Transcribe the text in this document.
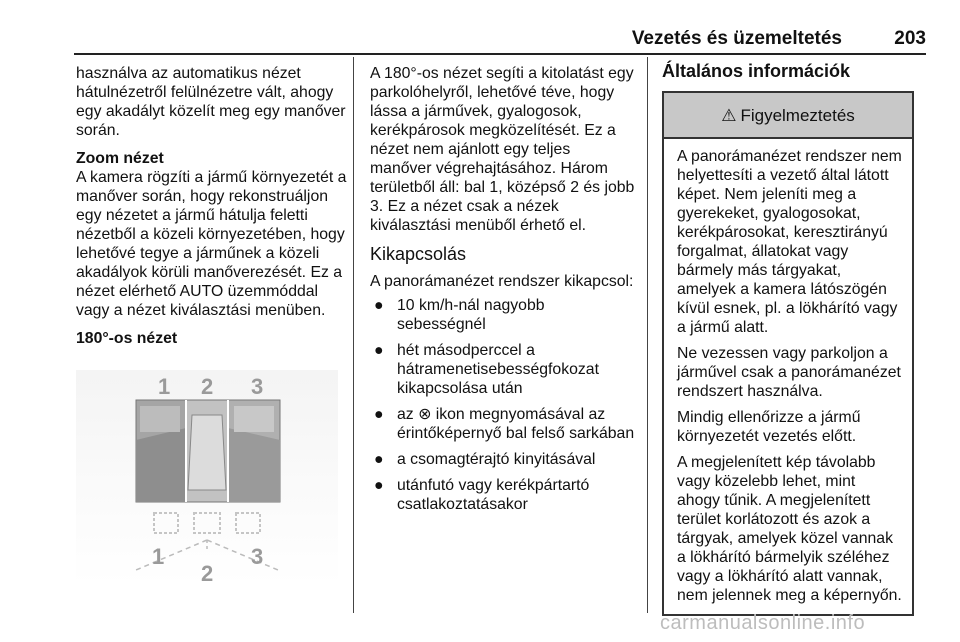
Vezetés és üzemeltetés	203

használva az automatikus nézet hátulnézetről felülnézetre vált, ahogy egy akadályt közelít meg egy manőver során.

Zoom nézet

A kamera rögzíti a jármű környezetét a manőver során, hogy rekonstruáljon egy nézetet a jármű hátulja feletti nézetből a közeli környezetében, hogy lehetővé tegye a járműnek a közeli akadályok körüli manőverezését. Ez a nézet elérhető AUTO üzemmóddal vagy a nézet kiválasztási menüben.

180°-os nézet
1 2 3
1
2
3

A 180°-os nézet segíti a kitolatást egy parkolóhelyről, lehetővé téve, hogy lássa a járművek, gyalogosok, kerékpárosok megközelítését. Ez a nézet nem ajánlott egy teljes manőver végrehajtásához. Három területből áll: bal 1, középső 2 és jobb 3. Ez a nézet csak a nézek kiválasztási menüből érhető el.

Kikapcsolás

A panorámanézet rendszer kikapcsol:

● 10 km/h-nál nagyobb sebességnél
● hét másodperccel a hátramenetisebességfokozat kikapcsolása után
● az ⊗ ikon megnyomásával az érintőképernyő bal felső sarkában
● a csomagtérajtó kinyitásával
● utánfutó vagy kerékpártartó csatlakoztatásakor
Általános információk
⚠ Figyelmeztetés

A panorámanézet rendszer nem helyettesíti a vezető által látott képet. Nem jeleníti meg a gyerekeket, gyalogosokat, kerékpárosokat, keresztirányú forgalmat, állatokat vagy bármely más tárgyakat, amelyek a kamera látószögén kívül esnek, pl. a lökhárító vagy a jármű alatt.

Ne vezessen vagy parkoljon a járművel csak a panorámanézet rendszert használva.

Mindig ellenőrizze a jármű környezetét vezetés előtt.

A megjelenített kép távolabb vagy közelebb lehet, mint ahogy tűnik. A megjelenített terület korlátozott és azok a tárgyak, amelyek közel vannak a lökhárító bármelyik széléhez vagy a lökhárító alatt vannak, nem jelennek meg a képernyőn.

carmanualsonline.info
